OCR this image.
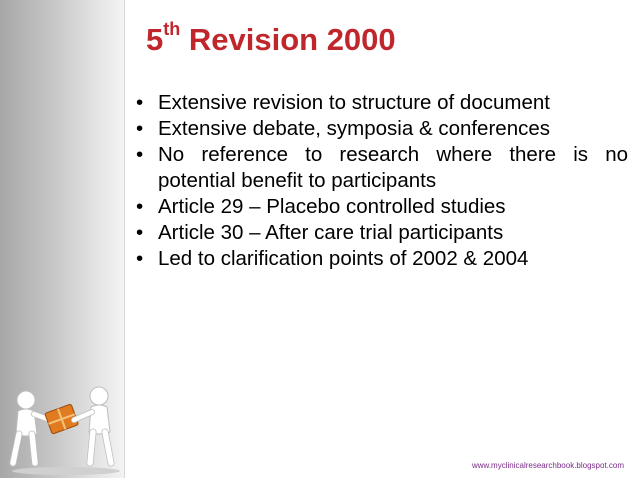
5th Revision 2000
• Extensive revision to structure of document
• Extensive debate, symposia & conferences
• No reference to research where there is no potential benefit to participants
• Article 29 – Placebo controlled studies
• Article 30 – After care trial participants
• Led to clarification points of 2002 & 2004
www.myclinicalresearchbook.blogspot.com
